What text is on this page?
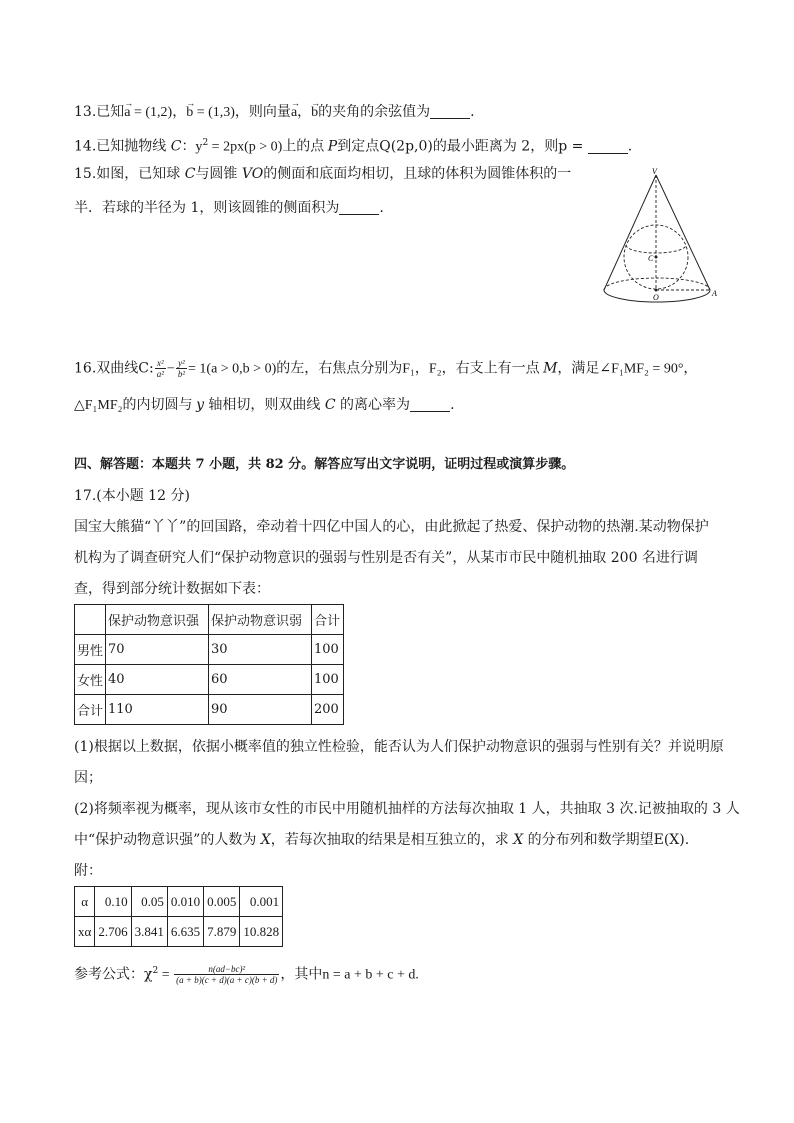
13.已知→ a = (1,2)，→ b = (1,3)，则向量→ a，→ b的夹角的余弦值为	.
14.已知抛物线 C：$y^2 = 2px(p > 0)$上的点 P到定点Q(2p,0)的最小距离为 2，则p =	.
15.如图，已知球 C与圆锥 VO的侧面和底面均相切，且球的体积为圆锥体积的一
半．若球的半径为 1，则该圆锥的侧面积为	.
V
C
O	A
16.双曲线C: $\frac{\text{x²}}{\text{a²}} - \frac{\text{y²}}{\text{b²}} = 1(a > 0,b > 0)$的左，右焦点分别为F₁，F₂，右支上有一点 M，满足∠F₁MF₂ = 90°，
△F₁MF₂的内切圆与 y 轴相切，则双曲线 C 的离心率为	.
四、解答题：本题共 7 小题，共 82 分。解答应写出文字说明，证明过程或演算步骤。
17.(本小题 12 分)
国宝大熊猫“丫丫”的回国路，牵动着十四亿中国人的心，由此掀起了热爱、保护动物的热潮.某动物保护
机构为了调查研究人们“保护动物意识的强弱与性别是否有关”，从某市市民中随机抽取 200 名进行调
查，得到部分统计数据如下表：
	保护动物意识强	保护动物意识弱	合计
男性	70	30	100
女性	40	60	100
合计	110	90	200
(1)根据以上数据，依据小概率值的独立性检验，能否认为人们保护动物意识的强弱与性别有关？并说明原
因；
(2)将频率视为概率，现从该市女性的市民中用随机抽样的方法每次抽取 1 人，共抽取 3 次.记被抽取的 3 人
中“保护动物意识强”的人数为 X，若每次抽取的结果是相互独立的，求 X 的分布列和数学期望E(X).
附：
α	0.10	0.05	0.010	0.005	0.001
xα	2.706	3.841	6.635	7.879	10.828
参考公式：$\chi^2 = \frac{\text{n(ad−bc)²}}{(a + b)(c + d)(a + c)(b + d)}$ ，其中n = a + b + c + d.
